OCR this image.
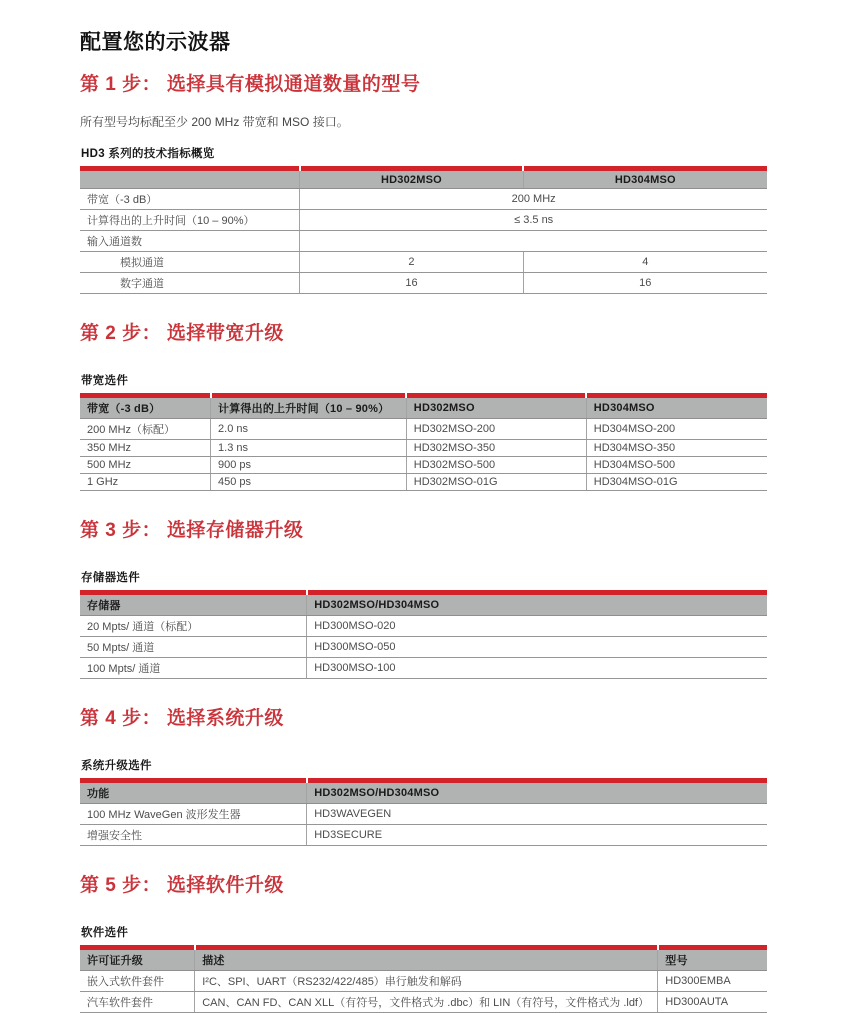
配置您的示波器
第 1 步： 选择具有模拟通道数量的型号

所有型号均标配至少 200 MHz 带宽和 MSO 接口。

HD3 系列的技术指标概览

	HD302MSO	HD304MSO
带宽（-3 dB）	200 MHz	
计算得出的上升时间（10 – 90%）	≤ 3.5 ns	
输入通道数		
模拟通道	2	4
数字通道	16	16
第 2 步： 选择带宽升级
带宽选件

带宽（-3 dB）	计算得出的上升时间（10 – 90%）	HD302MSO	HD304MSO
200 MHz（标配）	2.0 ns	HD302MSO-200	HD304MSO-200
350 MHz	1.3 ns	HD302MSO-350	HD304MSO-350
500 MHz	900 ps	HD302MSO-500	HD304MSO-500
1 GHz	450 ps	HD302MSO-01G	HD304MSO-01G
第 3 步： 选择存储器升级
存储器选件

存储器	HD302MSO/HD304MSO
20 Mpts/ 通道（标配）	HD300MSO-020
50 Mpts/ 通道	HD300MSO-050
100 Mpts/ 通道	HD300MSO-100
第 4 步： 选择系统升级
系统升级选件

功能	HD302MSO/HD304MSO
100 MHz WaveGen 波形发生器	HD3WAVEGEN
增强安全性	HD3SECURE
第 5 步： 选择软件升级
软件选件

许可证升级	描述	型号
嵌入式软件套件	I²C、SPI、UART（RS232/422/485）串行触发和解码	HD300EMBA
汽车软件套件	CAN、CAN FD、CAN XLL（有符号，文件格式为 .dbc）和 LIN（有符号，文件格式为 .ldf）	HD300AUTA
